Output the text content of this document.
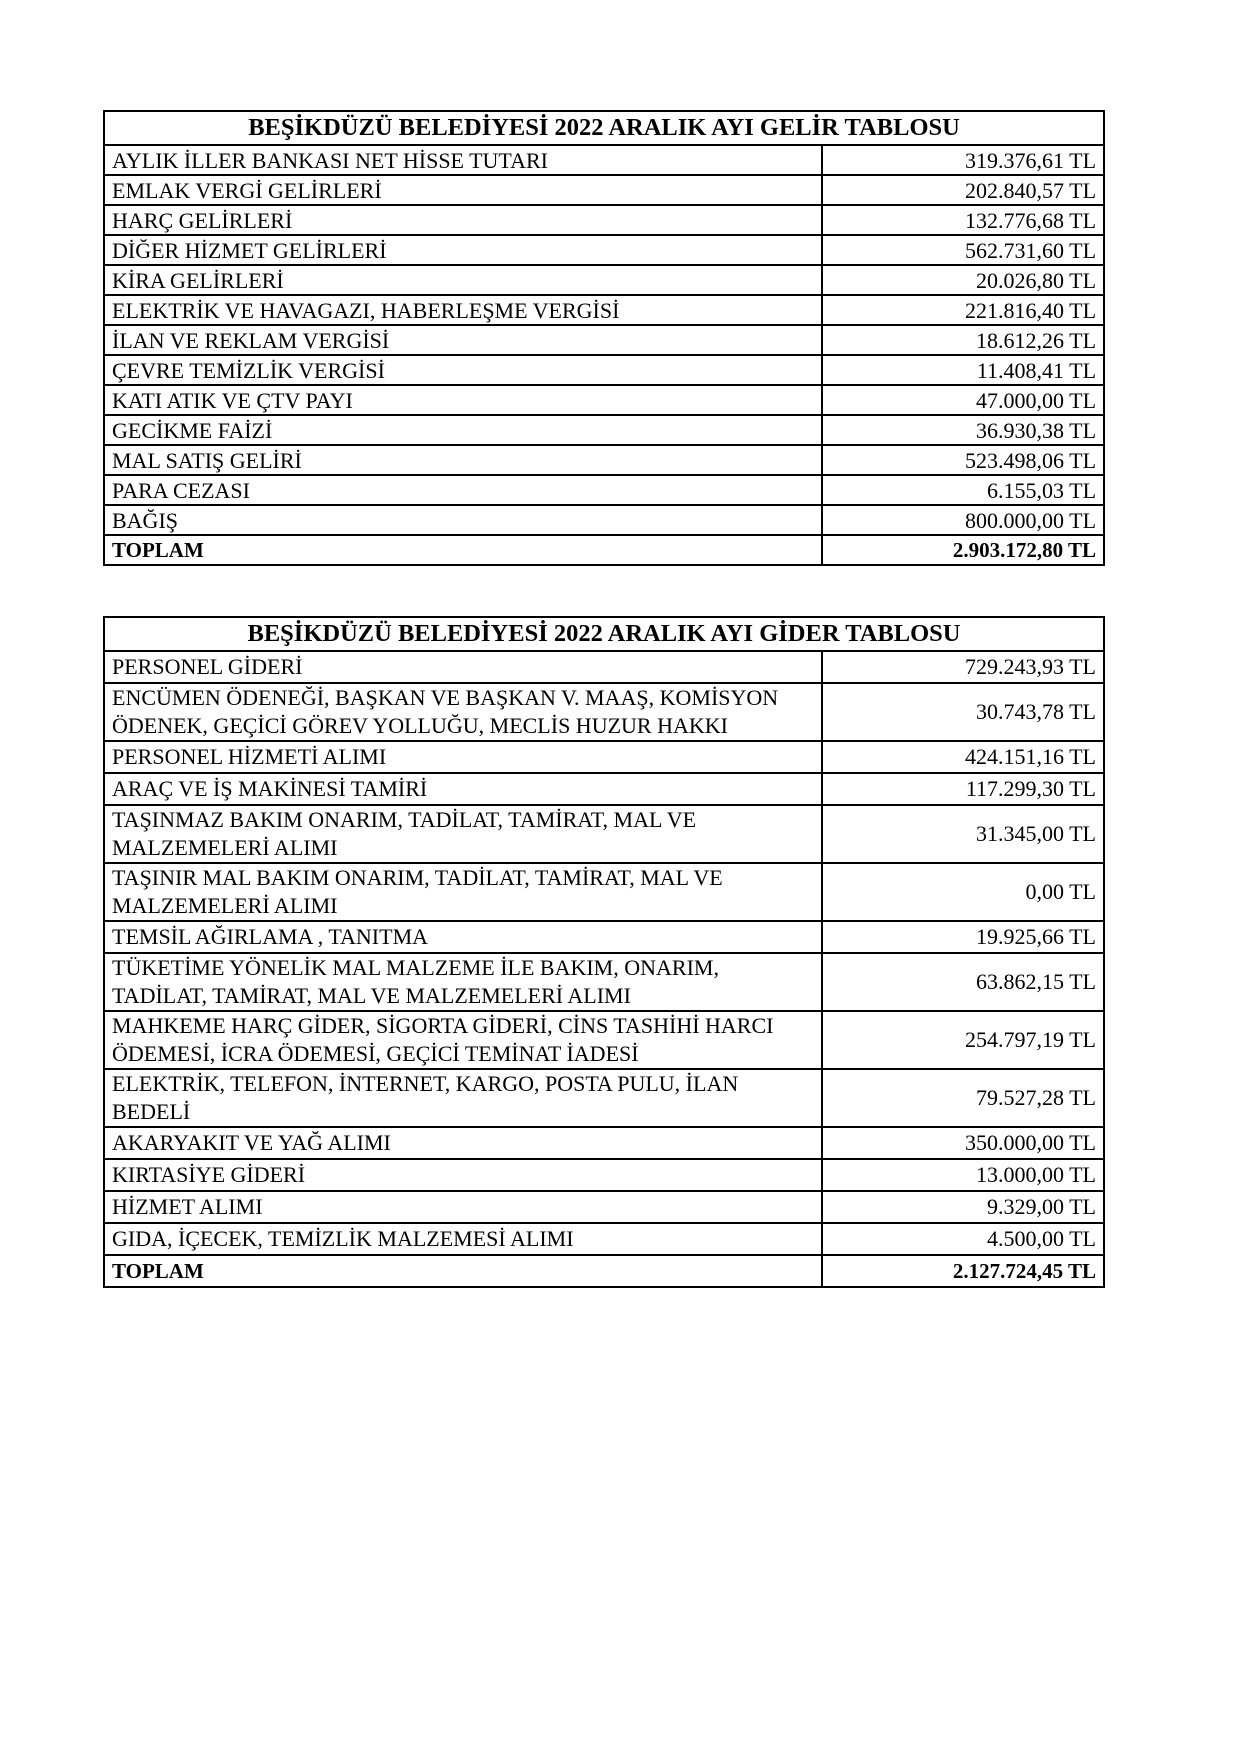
BEŞİKDÜZÜ BELEDİYESİ 2022 ARALIK AYI GELİR TABLOSU	
AYLIK İLLER BANKASI NET HİSSE TUTARI	319.376,61 TL
EMLAK VERGİ GELİRLERİ	202.840,57 TL
HARÇ GELİRLERİ	132.776,68 TL
DİĞER HİZMET GELİRLERİ	562.731,60 TL
KİRA GELİRLERİ	20.026,80 TL
ELEKTRİK VE HAVAGAZI, HABERLEŞME VERGİSİ	221.816,40 TL
İLAN VE REKLAM VERGİSİ	18.612,26 TL
ÇEVRE TEMİZLİK VERGİSİ	11.408,41 TL
KATI ATIK VE ÇTV PAYI	47.000,00 TL
GECİKME FAİZİ	36.930,38 TL
MAL SATIŞ GELİRİ	523.498,06 TL
PARA CEZASI	6.155,03 TL
BAĞIŞ	800.000,00 TL
TOPLAM	2.903.172,80 TL
BEŞİKDÜZÜ BELEDİYESİ 2022 ARALIK AYI GİDER TABLOSU	
PERSONEL GİDERİ	729.243,93 TL
ENCÜMEN ÖDENEĞİ, BAŞKAN VE BAŞKAN V. MAAŞ, KOMİSYON ÖDENEK, GEÇİCİ GÖREV YOLLUĞU, MECLİS HUZUR HAKKI	30.743,78 TL
PERSONEL HİZMETİ ALIMI	424.151,16 TL
ARAÇ VE İŞ MAKİNESİ TAMİRİ	117.299,30 TL
TAŞINMAZ BAKIM ONARIM, TADİLAT, TAMİRAT, MAL VE MALZEMELERİ ALIMI	31.345,00 TL
TAŞINIR MAL BAKIM ONARIM, TADİLAT, TAMİRAT, MAL VE MALZEMELERİ ALIMI	0,00 TL
TEMSİL AĞIRLAMA , TANITMA	19.925,66 TL
TÜKETİME YÖNELİK MAL MALZEME İLE BAKIM, ONARIM, TADİLAT, TAMİRAT, MAL VE MALZEMELERİ ALIMI	63.862,15 TL
MAHKEME HARÇ GİDER, SİGORTA GİDERİ, CİNS TASHİHİ HARCI ÖDEMESİ, İCRA ÖDEMESİ, GEÇİCİ TEMİNAT İADESİ	254.797,19 TL
ELEKTRİK, TELEFON, İNTERNET, KARGO, POSTA PULU, İLAN BEDELİ	79.527,28 TL
AKARYAKIT VE YAĞ ALIMI	350.000,00 TL
KIRTASİYE GİDERİ	13.000,00 TL
HİZMET ALIMI	9.329,00 TL
GIDA, İÇECEK, TEMİZLİK MALZEMESİ ALIMI	4.500,00 TL
TOPLAM	2.127.724,45 TL
